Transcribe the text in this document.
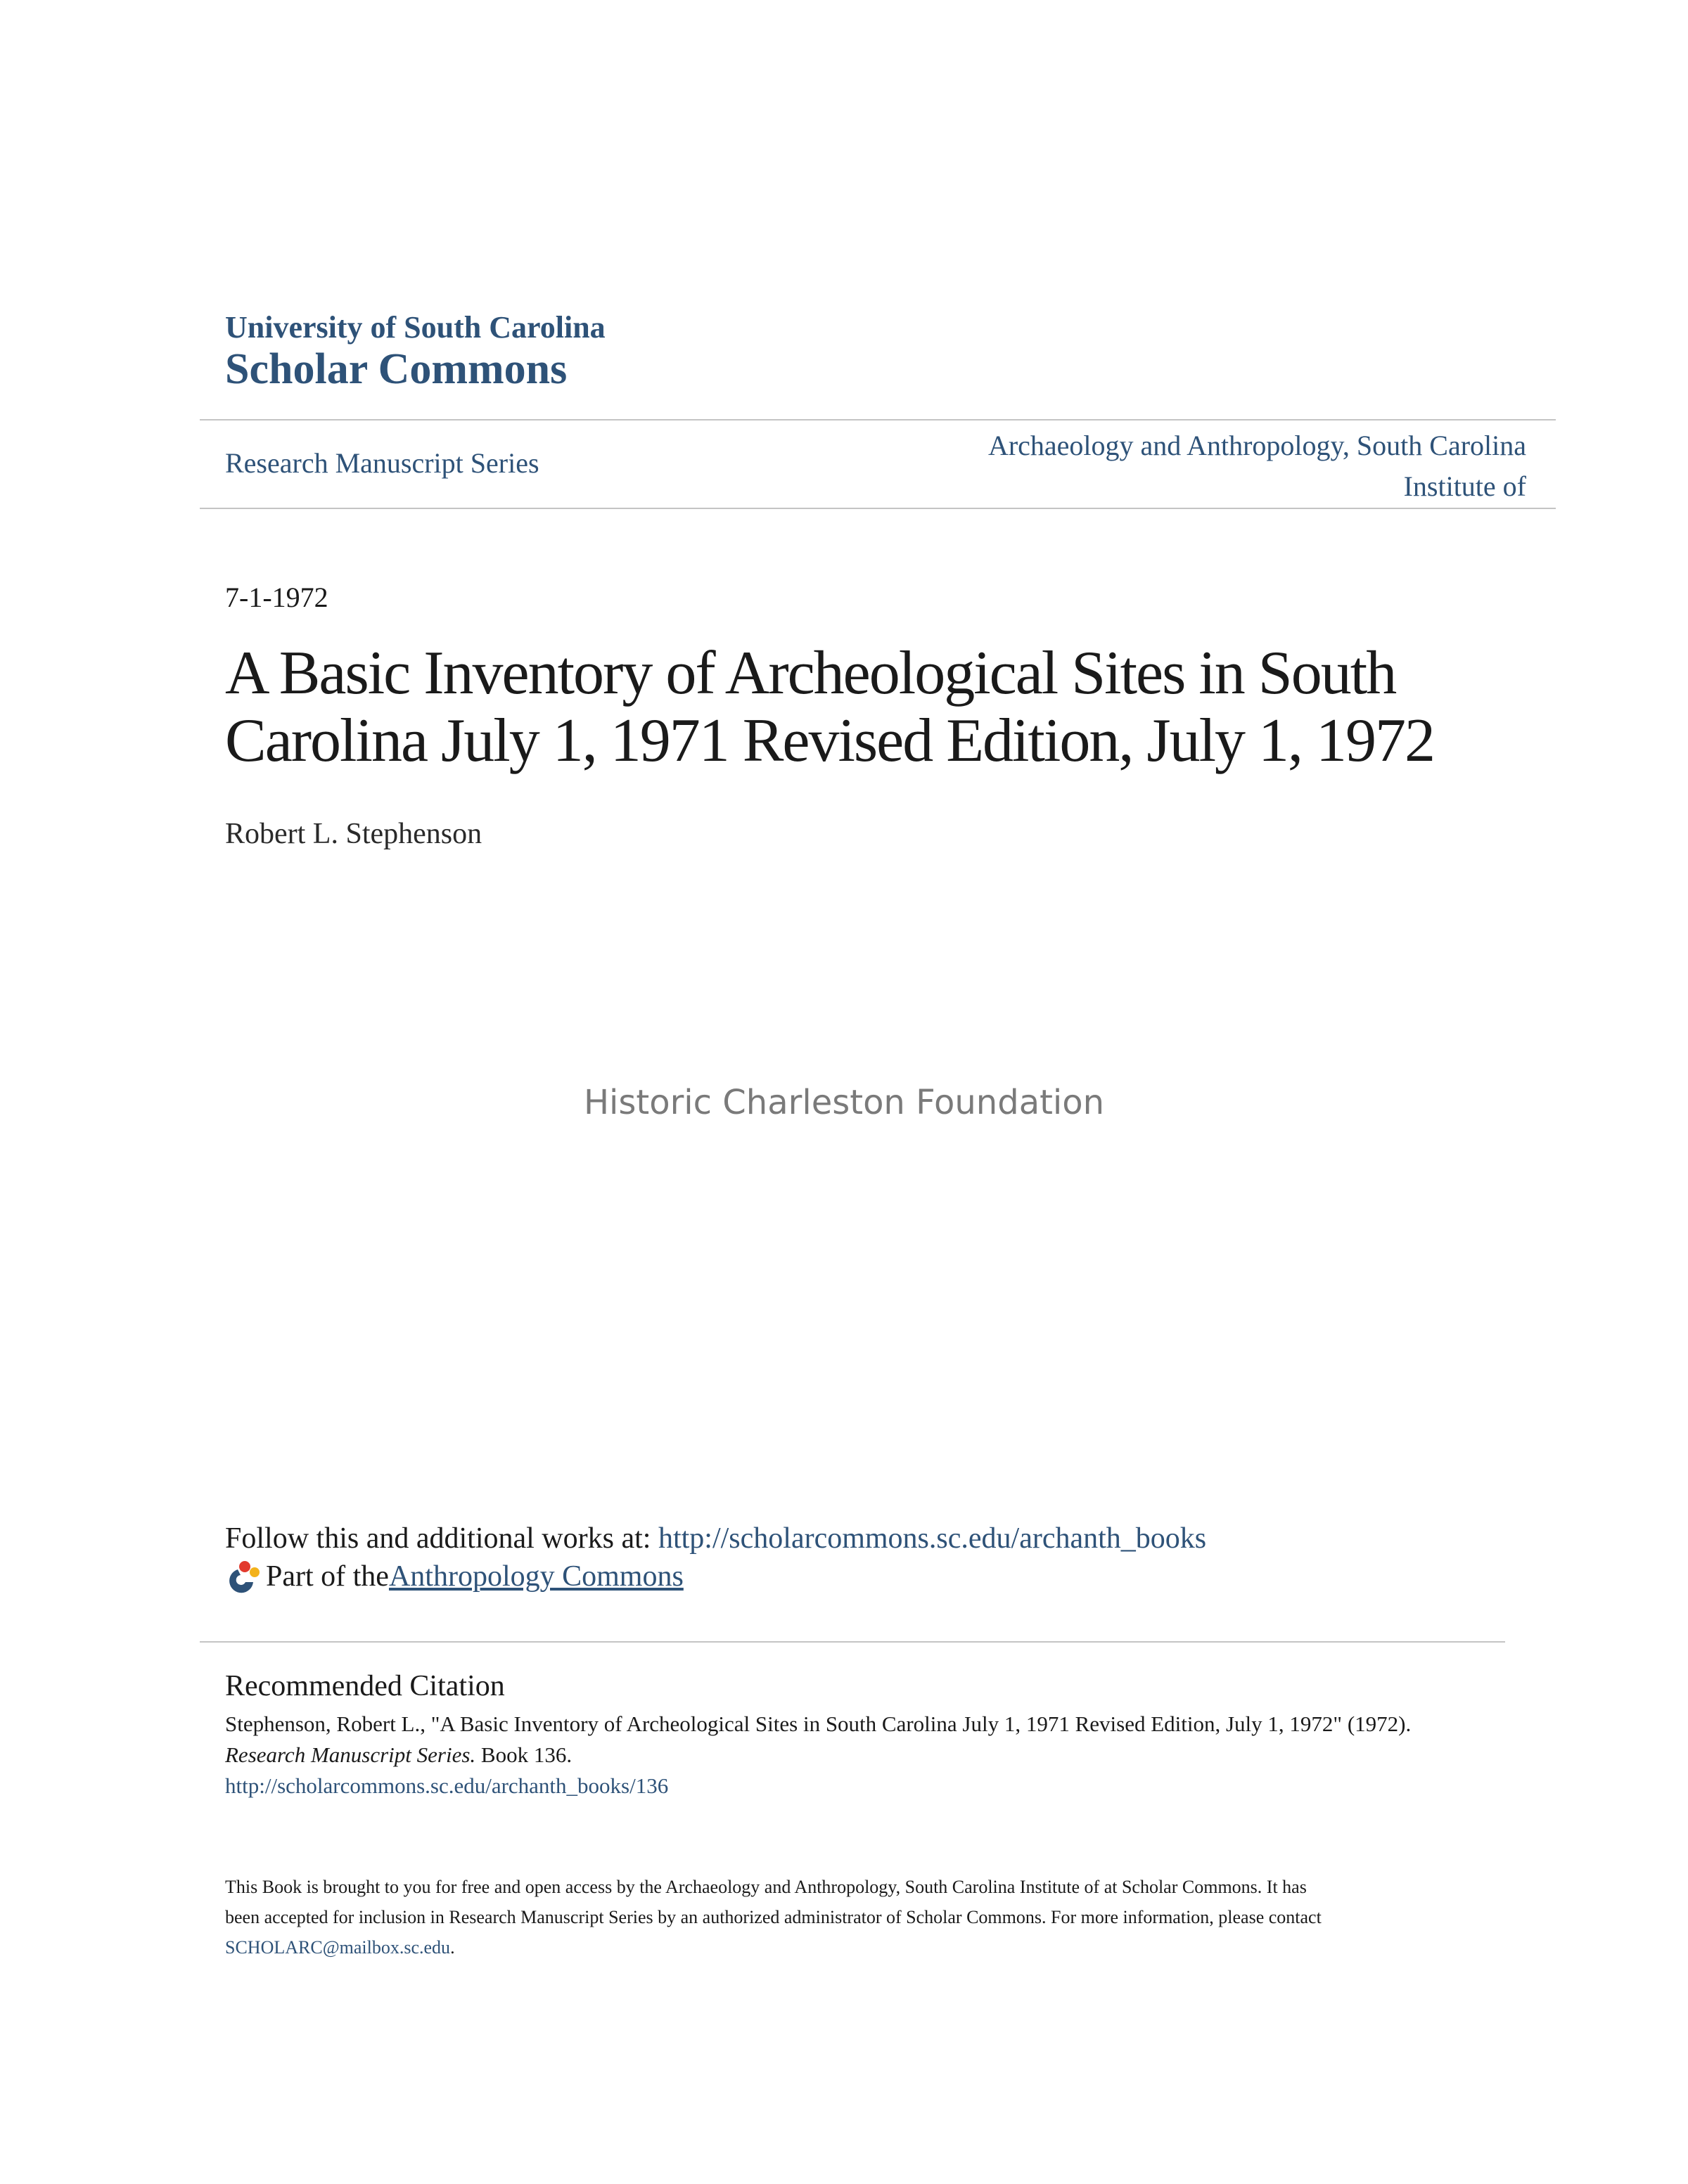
University of South Carolina
Scholar Commons
Research Manuscript Series
Archaeology and Anthropology, South Carolina
Institute of
7-1-1972
A Basic Inventory of Archeological Sites in South
Carolina July 1, 1971 Revised Edition, July 1, 1972
Robert L. Stephenson
Historic Charleston Foundation
Follow this and additional works at: http://scholarcommons.sc.edu/archanth_books
Part of the Anthropology Commons
Recommended Citation
Stephenson, Robert L., "A Basic Inventory of Archeological Sites in South Carolina July 1, 1971 Revised Edition, July 1, 1972" (1972).
Research Manuscript Series. Book 136.
http://scholarcommons.sc.edu/archanth_books/136
This Book is brought to you for free and open access by the Archaeology and Anthropology, South Carolina Institute of at Scholar Commons. It has
been accepted for inclusion in Research Manuscript Series by an authorized administrator of Scholar Commons. For more information, please contact
SCHOLARC@mailbox.sc.edu.
